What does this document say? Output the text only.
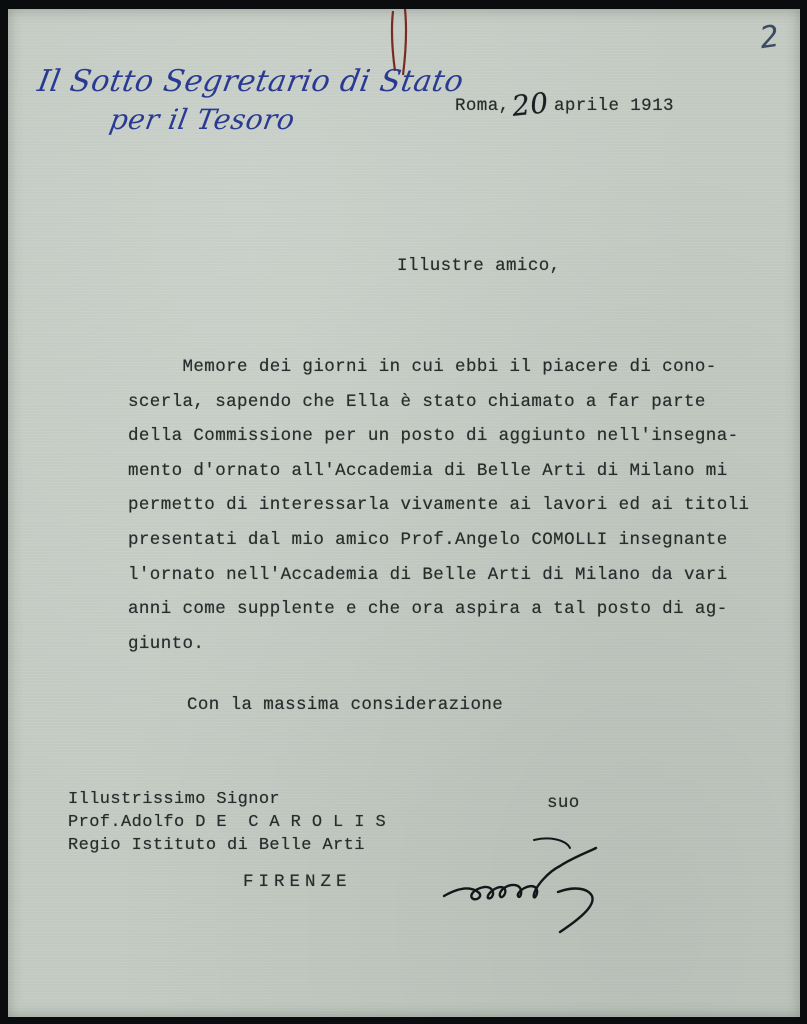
2
Il Sotto Segretario di Stato
per il Tesoro	Roma,20 aprile 1913
Illustre amico,
Memore dei giorni in cui ebbi il piacere di cono-
scerla, sapendo che Ella è stato chiamato a far parte
della Commissione per un posto di aggiunto nell'insegna-
mento d'ornato all'Accademia di Belle Arti di Milano mi
permetto di interessarla vivamente ai lavori ed ai titoli
presentati dal mio amico Prof.Angelo COMOLLI insegnante
l'ornato nell'Accademia di Belle Arti di Milano da vari
anni come supplente e che ora aspira a tal posto di ag-
giunto.
Con la massima considerazione
suo
Illustrissimo Signor
Prof.Adolfo D E  C A R O L I S
Regio Istituto di Belle Arti
FIRENZE
